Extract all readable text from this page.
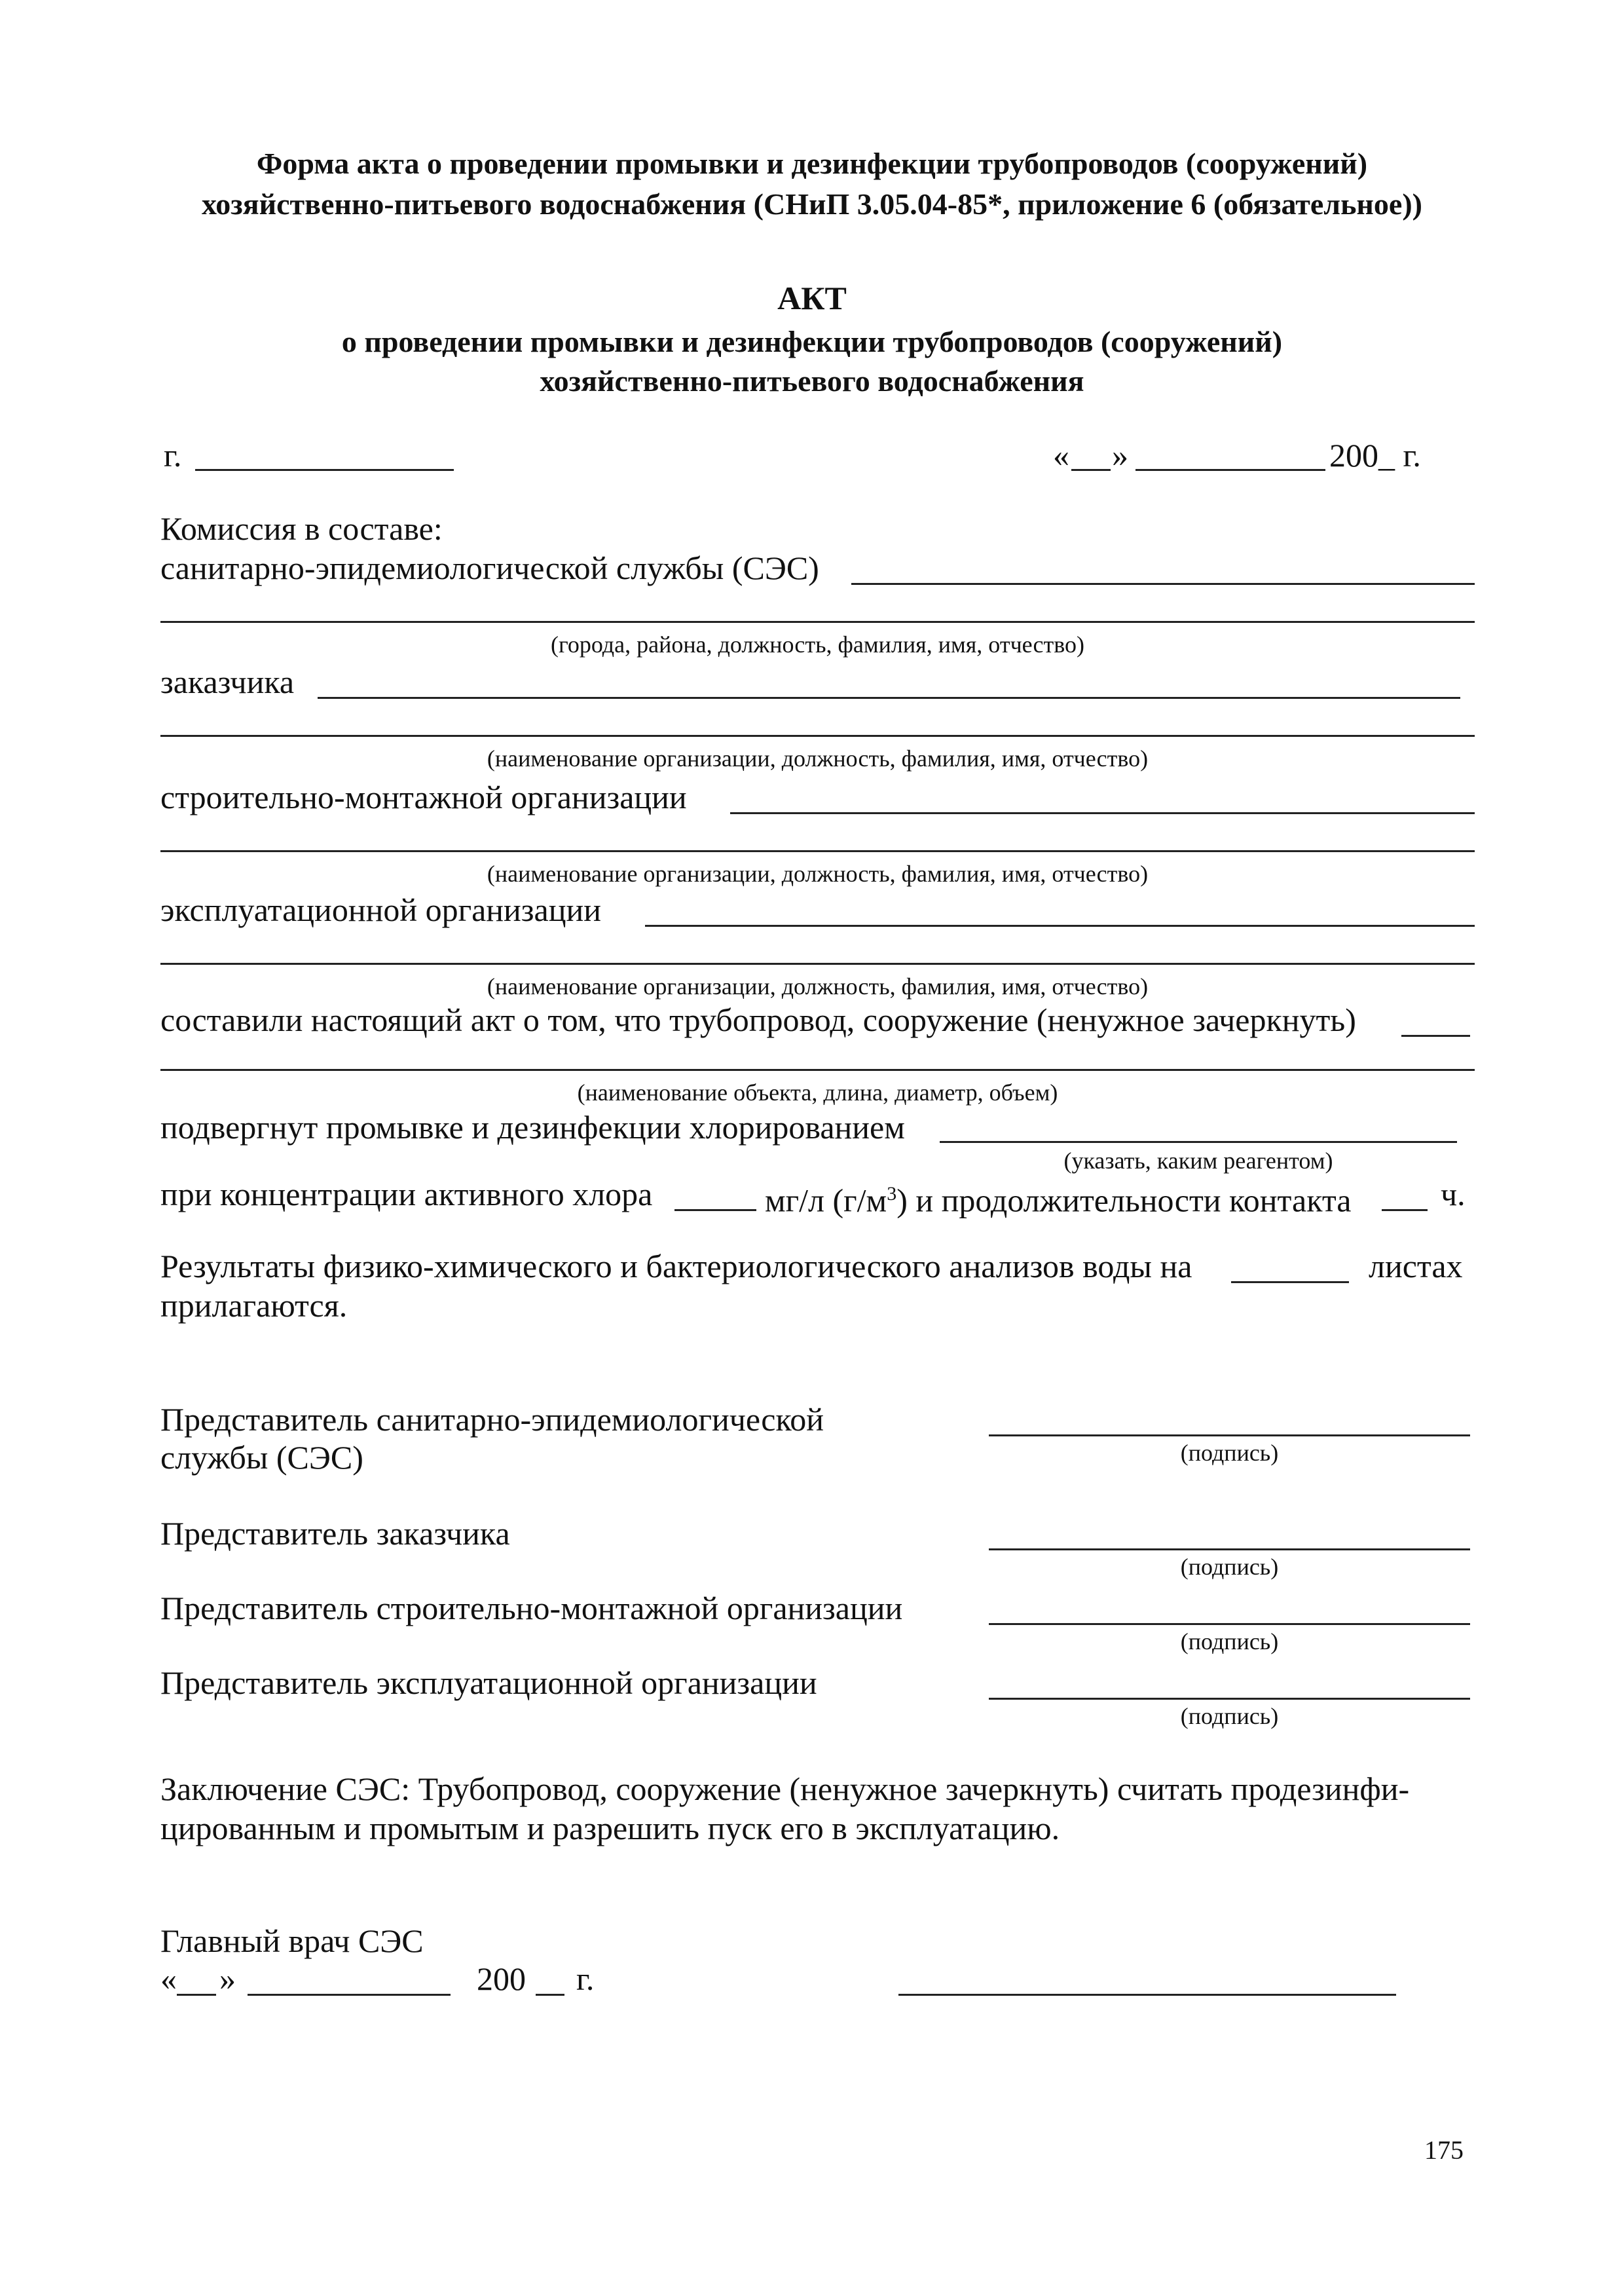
Форма акта о проведении промывки и дезинфекции трубопроводов (сооружений)
хозяйственно-питьевого водоснабжения (СНиП 3.05.04-85*, приложение 6 (обязательное))
АКТ
о проведении промывки и дезинфекции трубопроводов (сооружений)
хозяйственно-питьевого водоснабжения
г.	« »	200_ г.
Комиссия в составе:
санитарно-эпидемиологической службы (СЭС)
(города, района, должность, фамилия, имя, отчество)
заказчика
(наименование организации, должность, фамилия, имя, отчество)
строительно-монтажной организации
(наименование организации, должность, фамилия, имя, отчество)
эксплуатационной организации
(наименование организации, должность, фамилия, имя, отчество)
составили настоящий акт о том, что трубопровод, сооружение (ненужное зачеркнуть)
(наименование объекта, длина, диаметр, объем)
подвергнут промывке и дезинфекции хлорированием
(указать, каким реагентом)
при концентрации активного хлора	мг/л $(г/м^3)$ и продолжительности контакта	ч.
Результаты физико-химического и бактериологического анализов воды на	листах
прилагаются.
Представитель санитарно-эпидемиологической
службы (СЭС)	(подпись)
Представитель заказчика
(подпись)
Представитель строительно-монтажной организации
(подпись)
Представитель эксплуатационной организации
(подпись)
Заключение СЭС: Трубопровод, сооружение (ненужное зачеркнуть) считать продезинфи-
цированным и промытым и разрешить пуск его в эксплуатацию.
Главный врач СЭС
« »	200 г.
175
